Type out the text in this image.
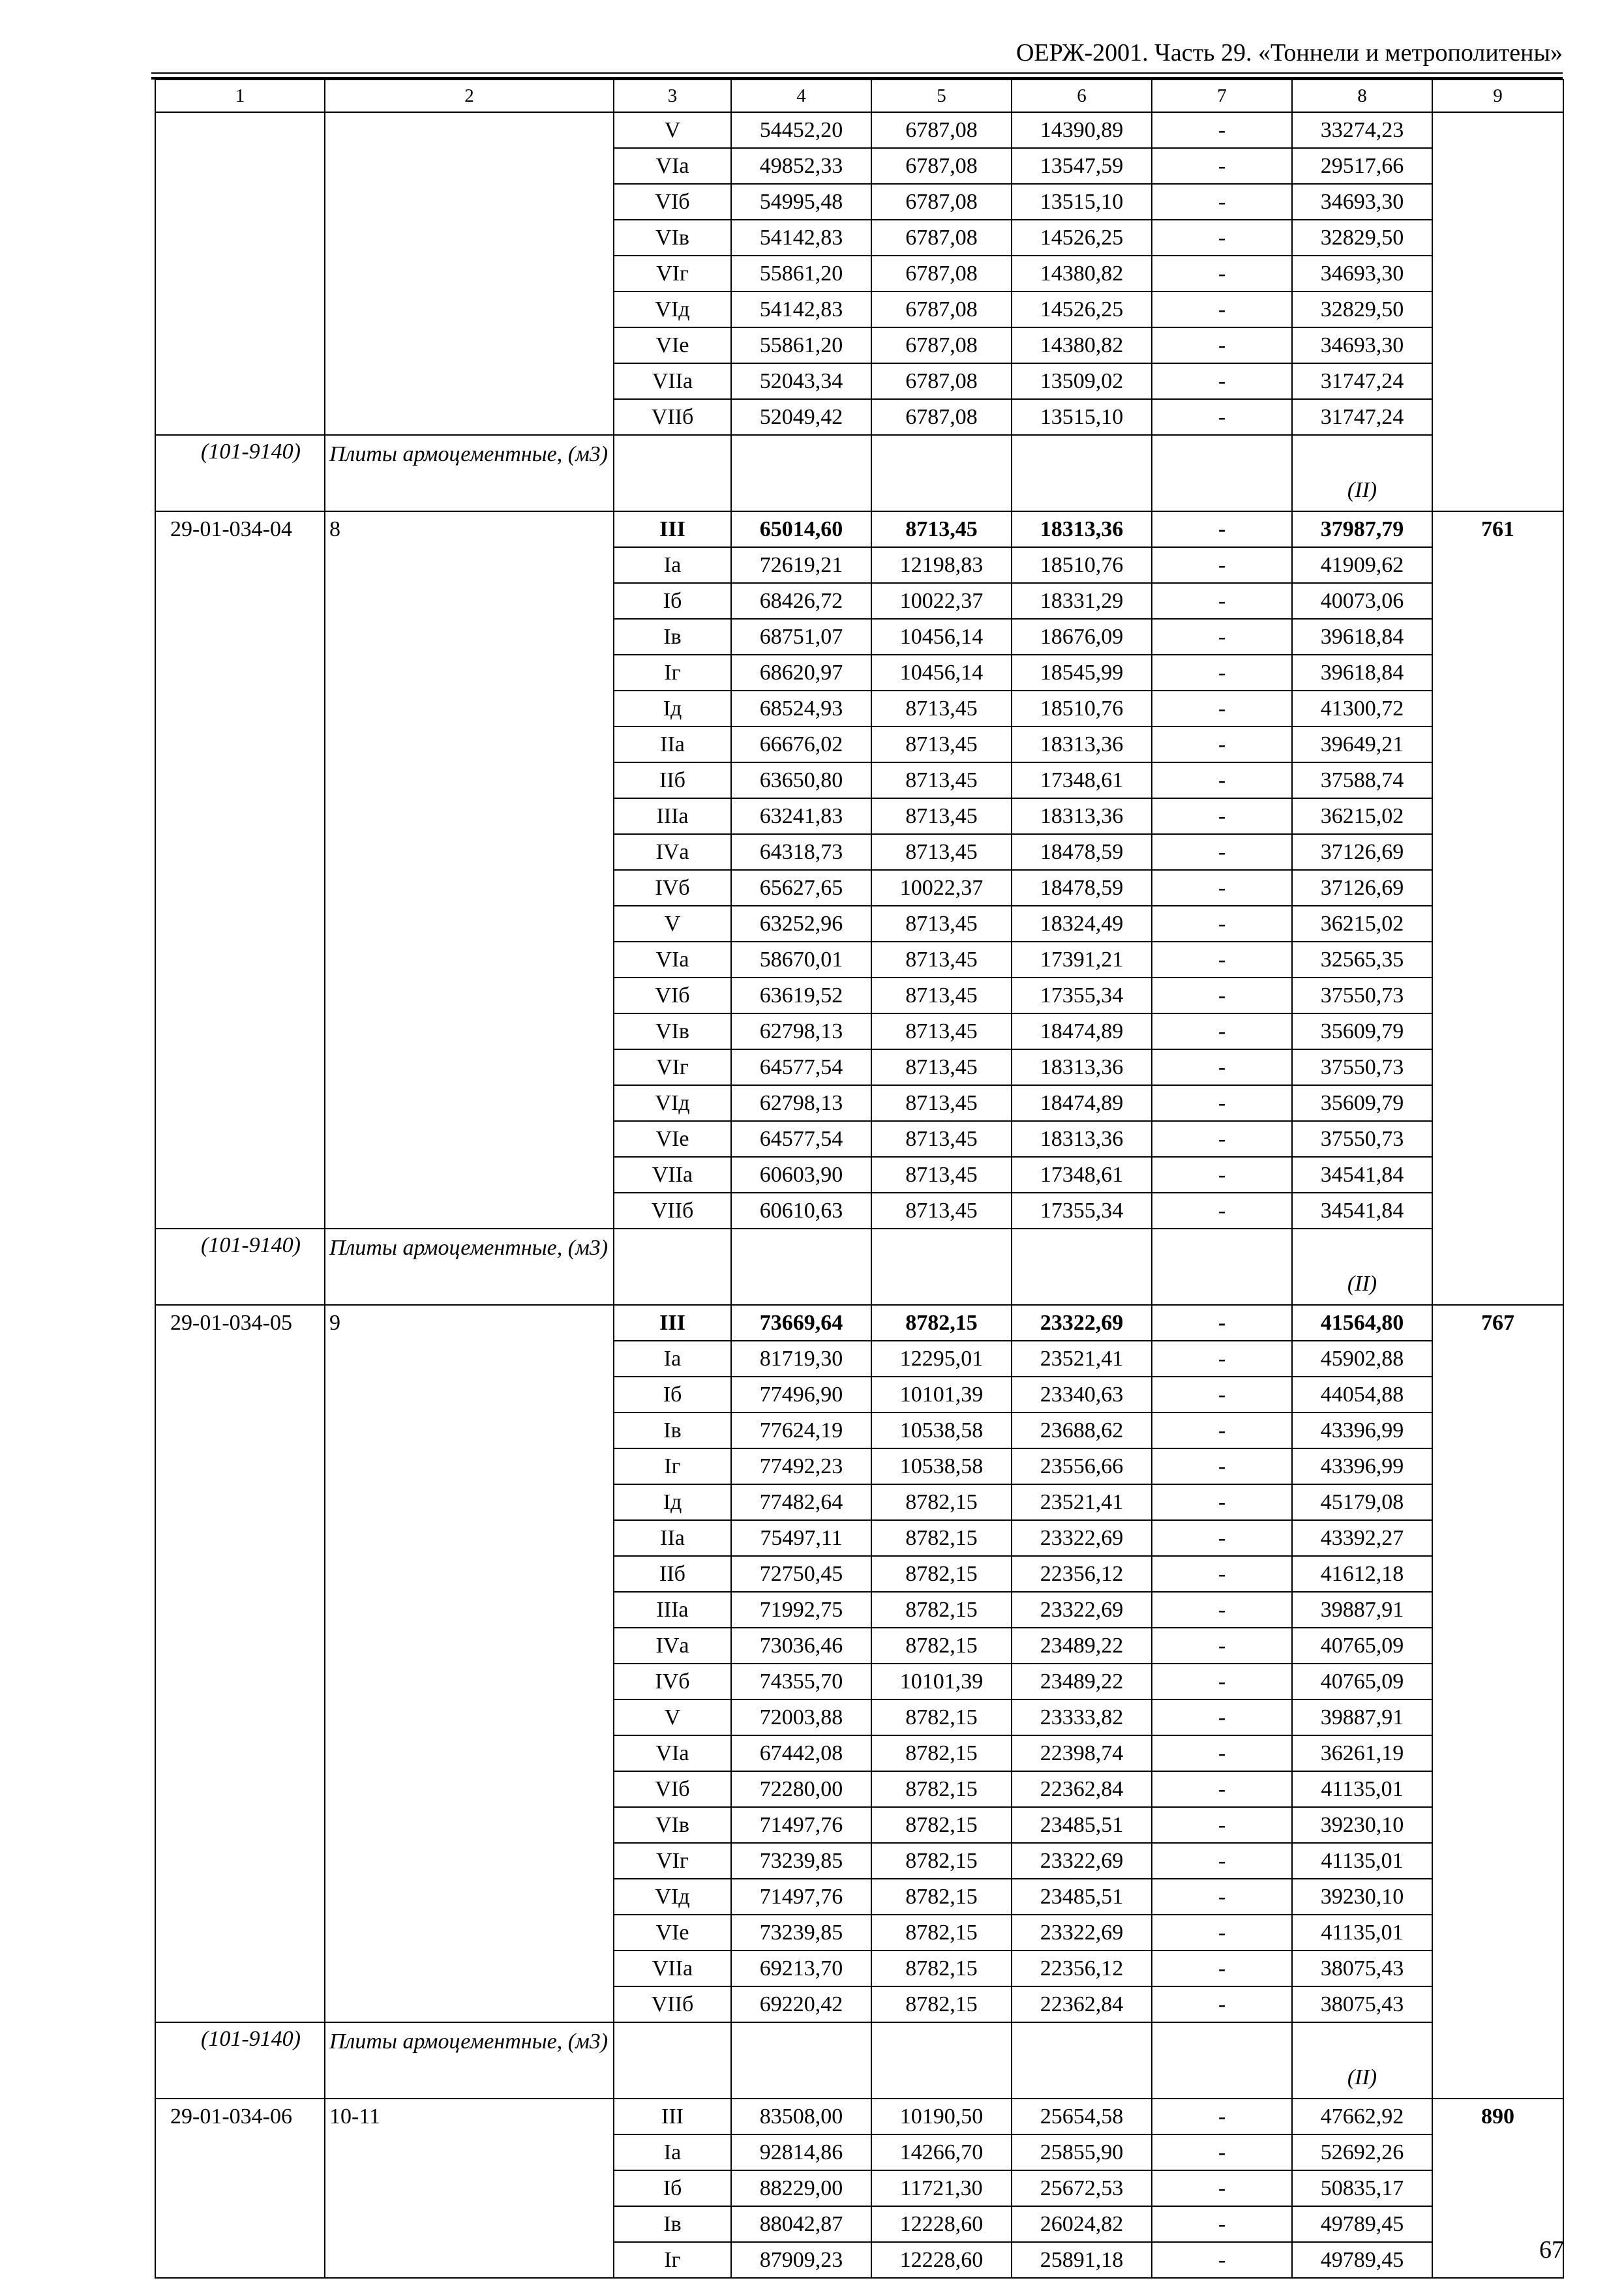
ОЕРЖ-2001. Часть 29. «Тоннели и метрополитены»
1	2	3	4	5	6	7	8	9
		V	54452,20	6787,08	14390,89	-	33274,23	
		VIа	49852,33	6787,08	13547,59	-	29517,66	
		VIб	54995,48	6787,08	13515,10	-	34693,30	
		VIв	54142,83	6787,08	14526,25	-	32829,50	
		VIг	55861,20	6787,08	14380,82	-	34693,30	
		VIд	54142,83	6787,08	14526,25	-	32829,50	
		VIе	55861,20	6787,08	14380,82	-	34693,30	
		VIIа	52043,34	6787,08	13509,02	-	31747,24	
		VIIб	52049,42	6787,08	13515,10	-	31747,24	
(101-9140)	Плиты армоцементные, (м3)						(II)	
29-01-034-04	8	III	65014,60	8713,45	18313,36	-	37987,79	761
		Iа	72619,21	12198,83	18510,76	-	41909,62	
		Iб	68426,72	10022,37	18331,29	-	40073,06	
		Iв	68751,07	10456,14	18676,09	-	39618,84	
		Iг	68620,97	10456,14	18545,99	-	39618,84	
		Iд	68524,93	8713,45	18510,76	-	41300,72	
		IIа	66676,02	8713,45	18313,36	-	39649,21	
		IIб	63650,80	8713,45	17348,61	-	37588,74	
		IIIа	63241,83	8713,45	18313,36	-	36215,02	
		IVа	64318,73	8713,45	18478,59	-	37126,69	
		IVб	65627,65	10022,37	18478,59	-	37126,69	
		V	63252,96	8713,45	18324,49	-	36215,02	
		VIа	58670,01	8713,45	17391,21	-	32565,35	
		VIб	63619,52	8713,45	17355,34	-	37550,73	
		VIв	62798,13	8713,45	18474,89	-	35609,79	
		VIг	64577,54	8713,45	18313,36	-	37550,73	
		VIд	62798,13	8713,45	18474,89	-	35609,79	
		VIе	64577,54	8713,45	18313,36	-	37550,73	
		VIIа	60603,90	8713,45	17348,61	-	34541,84	
		VIIб	60610,63	8713,45	17355,34	-	34541,84	
(101-9140)	Плиты армоцементные, (м3)						(II)	
29-01-034-05	9	III	73669,64	8782,15	23322,69	-	41564,80	767
		Iа	81719,30	12295,01	23521,41	-	45902,88	
		Iб	77496,90	10101,39	23340,63	-	44054,88	
		Iв	77624,19	10538,58	23688,62	-	43396,99	
		Iг	77492,23	10538,58	23556,66	-	43396,99	
		Iд	77482,64	8782,15	23521,41	-	45179,08	
		IIа	75497,11	8782,15	23322,69	-	43392,27	
		IIб	72750,45	8782,15	22356,12	-	41612,18	
		IIIа	71992,75	8782,15	23322,69	-	39887,91	
		IVа	73036,46	8782,15	23489,22	-	40765,09	
		IVб	74355,70	10101,39	23489,22	-	40765,09	
		V	72003,88	8782,15	23333,82	-	39887,91	
		VIа	67442,08	8782,15	22398,74	-	36261,19	
		VIб	72280,00	8782,15	22362,84	-	41135,01	
		VIв	71497,76	8782,15	23485,51	-	39230,10	
		VIг	73239,85	8782,15	23322,69	-	41135,01	
		VIд	71497,76	8782,15	23485,51	-	39230,10	
		VIе	73239,85	8782,15	23322,69	-	41135,01	
		VIIа	69213,70	8782,15	22356,12	-	38075,43	
		VIIб	69220,42	8782,15	22362,84	-	38075,43	
(101-9140)	Плиты армоцементные, (м3)						(II)	
29-01-034-06	10-11	III	83508,00	10190,50	25654,58	-	47662,92	890
		Iа	92814,86	14266,70	25855,90	-	52692,26	
		Iб	88229,00	11721,30	25672,53	-	50835,17	
		Iв	88042,87	12228,60	26024,82	-	49789,45	
		Iг	87909,23	12228,60	25891,18	-	49789,45		67
